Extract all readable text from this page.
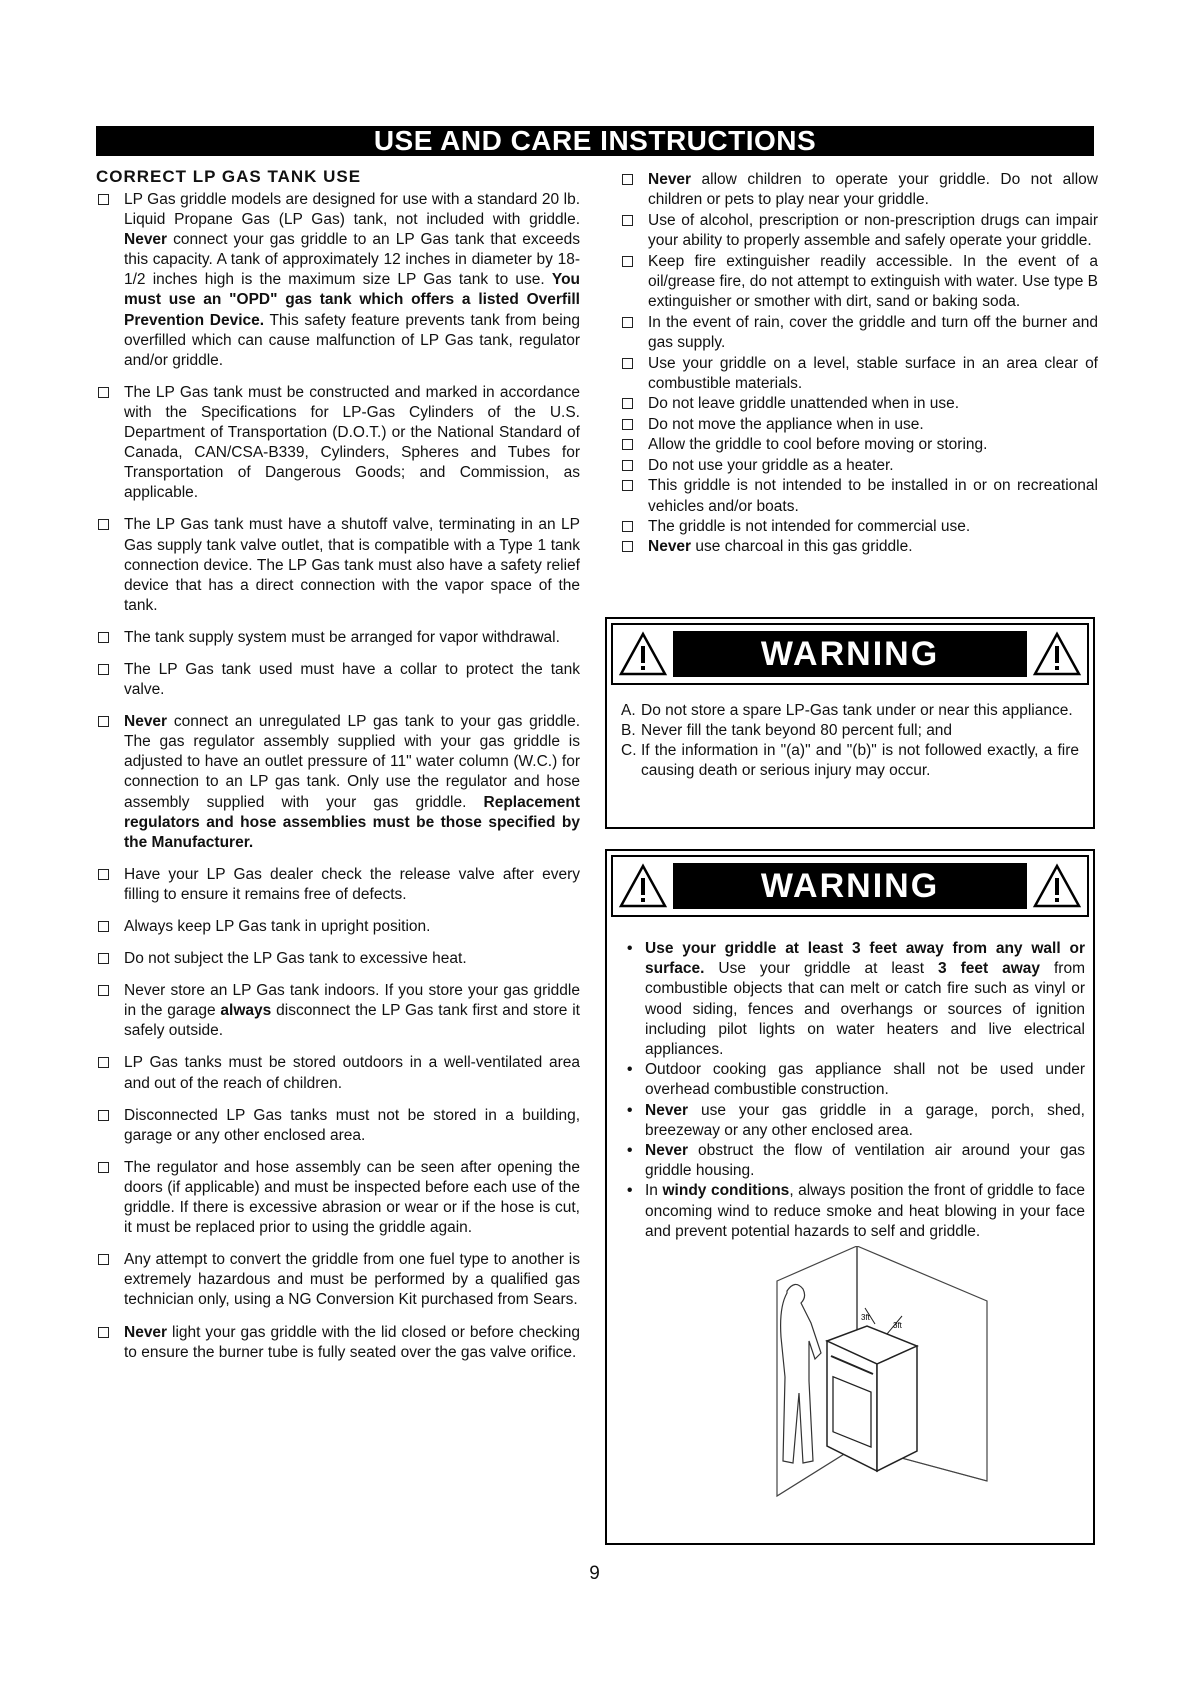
USE AND CARE INSTRUCTIONS
CORRECT LP GAS TANK USE
LP Gas griddle models are designed for use with a standard 20 lb. Liquid Propane Gas (LP Gas) tank, not included with griddle. Never connect your gas griddle to an LP Gas tank that exceeds this capacity. A tank of approximately 12 inches in diameter by 18-1/2 inches high is the maximum size LP Gas tank to use. You must use an "OPD" gas tank which offers a listed Overfill Prevention Device. This safety feature prevents tank from being overfilled which can cause malfunction of LP Gas tank, regulator and/or griddle.
The LP Gas tank must be constructed and marked in accordance with the Specifications for LP-Gas Cylinders of the U.S. Department of Transportation (D.O.T.) or the National Standard of Canada, CAN/CSA-B339, Cylinders, Spheres and Tubes for Transportation of Dangerous Goods; and Commission, as applicable.
The LP Gas tank must have a shutoff valve, terminating in an LP Gas supply tank valve outlet, that is compatible with a Type 1 tank connection device. The LP Gas tank must also have a safety relief device that has a direct connection with the vapor space of the tank.
The tank supply system must be arranged for vapor withdrawal.
The LP Gas tank used must have a collar to protect the tank valve.
Never connect an unregulated LP gas tank to your gas griddle. The gas regulator assembly supplied with your gas griddle is adjusted to have an outlet pressure of 11" water column (W.C.) for connection to an LP gas tank. Only use the regulator and hose assembly supplied with your gas griddle. Replacement regulators and hose assemblies must be those specified by the Manufacturer.
Have your LP Gas dealer check the release valve after every filling to ensure it remains free of defects.
Always keep LP Gas tank in upright position.
Do not subject the LP Gas tank to excessive heat.
Never store an LP Gas tank indoors. If you store your gas griddle in the garage always disconnect the LP Gas tank first and store it safely outside.
LP Gas tanks must be stored outdoors in a well-ventilated area and out of the reach of children.
Disconnected LP Gas tanks must not be stored in a building, garage or any other enclosed area.
The regulator and hose assembly can be seen after opening the doors (if applicable) and must be inspected before each use of the griddle. If there is excessive abrasion or wear or if the hose is cut, it must be replaced prior to using the griddle again.
Any attempt to convert the griddle from one fuel type to another is extremely hazardous and must be performed by a qualified gas technician only, using a NG Conversion Kit purchased from Sears.
Never light your gas griddle with the lid closed or before checking to ensure the burner tube is fully seated over the gas valve orifice.
Never allow children to operate your griddle. Do not allow children or pets to play near your griddle.
Use of alcohol, prescription or non-prescription drugs can impair your ability to properly assemble and safely operate your griddle.
Keep fire extinguisher readily accessible. In the event of a oil/grease fire, do not attempt to extinguish with water. Use type B extinguisher or smother with dirt, sand or baking soda.
In the event of rain, cover the griddle and turn off the burner and gas supply.
Use your griddle on a level, stable surface in an area clear of combustible materials.
Do not leave griddle unattended when in use.
Do not move the appliance when in use.
Allow the griddle to cool before moving or storing.
Do not use your griddle as a heater.
This griddle is not intended to be installed in or on recreational vehicles and/or boats.
The griddle is not intended for commercial use.
Never use charcoal in this gas griddle.
WARNING
A. Do not store a spare LP-Gas tank under or near this appliance.
B. Never fill the tank beyond 80 percent full; and
C. If the information in "(a)" and "(b)" is not followed exactly, a fire causing death or serious injury may occur.
WARNING
• Use your griddle at least 3 feet away from any wall or surface. Use your griddle at least 3 feet away from combustible objects that can melt or catch fire such as vinyl or wood siding, fences and overhangs or sources of ignition including pilot lights on water heaters and live electrical appliances.
• Outdoor cooking gas appliance shall not be used under overhead combustible construction.
• Never use your gas griddle in a garage, porch, shed, breezeway or any other enclosed area.
• Never obstruct the flow of ventilation air around your gas griddle housing.
• In windy conditions, always position the front of griddle to face oncoming wind to reduce smoke and heat blowing in your face and prevent potential hazards to self and griddle.
3ft
3ft
9
